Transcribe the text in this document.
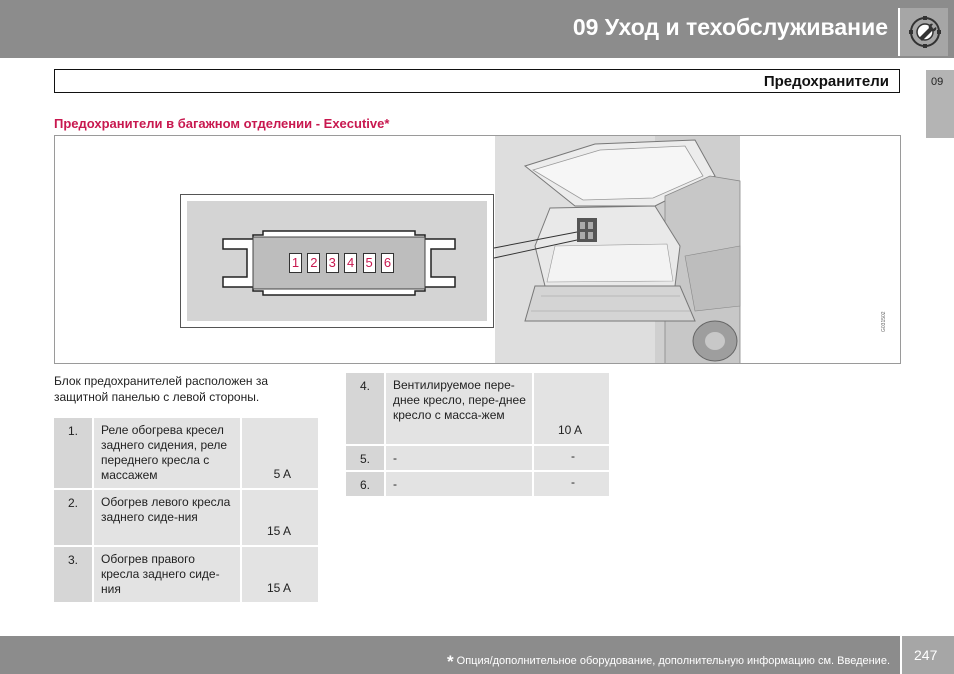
09 Уход и техобслуживание
Предохранители	09
Предохранители в багажном отделении - Executive*
1 2 3 4 5 6
G031502
Блок предохранителей расположен за защитной панелью с левой стороны.
1.	Реле обогрева кресел заднего сидения, реле переднего кресла с массажем	5 A
2.	Обогрев левого кресла заднего сиде-ния	15 A
3.	Обогрев правого кресла заднего сиде-ния	15 A
4.	Вентилируемое пере-днее кресло, пере-днее кресло с масса-жем	10 A
5.	-	-
6.	-	-
* Опция/дополнительное оборудование, дополнительную информацию см. Введение. 247
